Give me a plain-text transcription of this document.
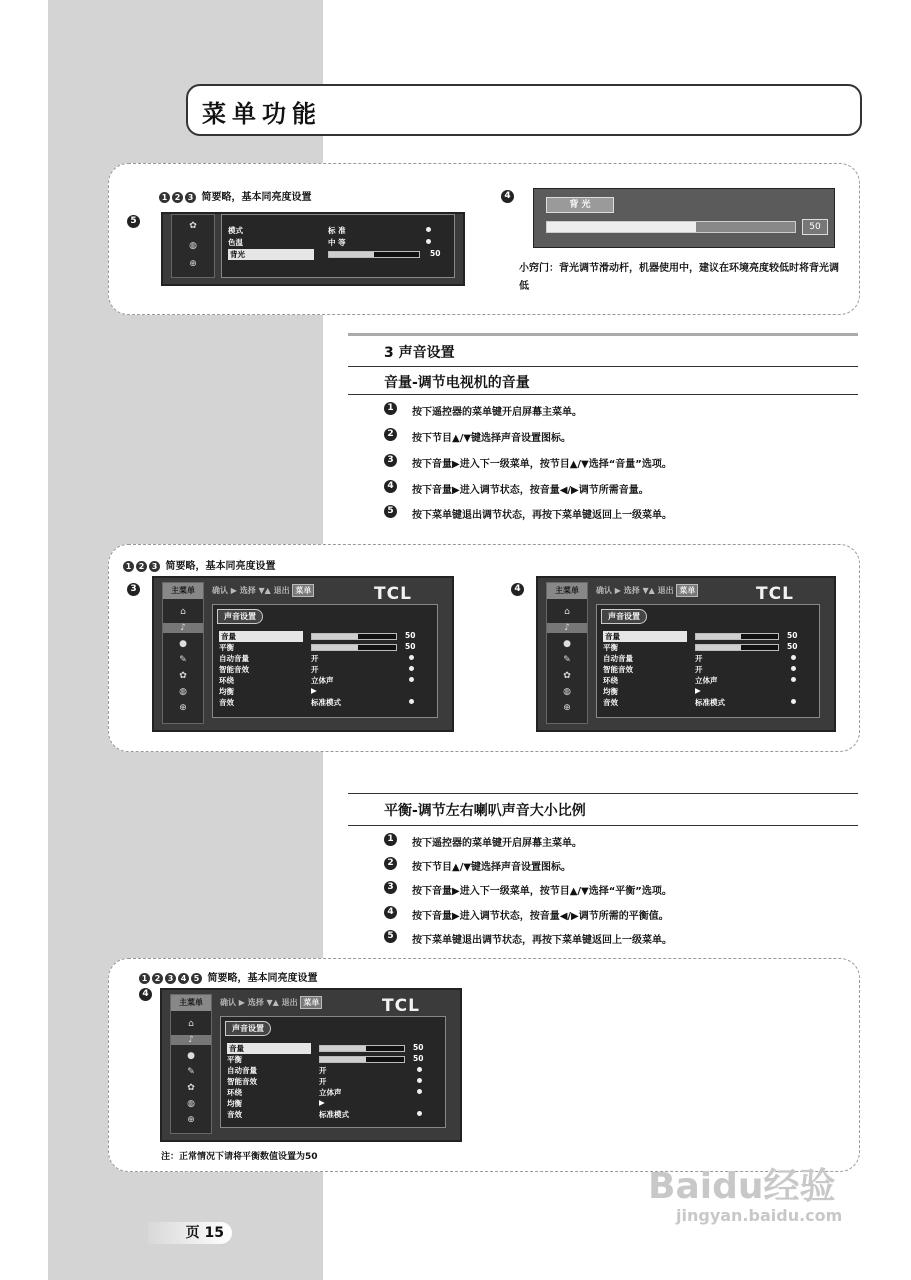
菜单功能
1 2 3 简要略，基本同亮度设置
5	✿
◍
⊕
模式	标 准
色温	中 等
背光	50
4
背 光
50
小窍门：背光调节滑动杆，机器使用中，建议在环境亮度较低时将背光调低
3 声音设置
音量-调节电视机的音量
1	按下遥控器的菜单键开启屏幕主菜单。
2	按下节目▲/▼键选择声音设置图标。
3	按下音量▶进入下一级菜单，按节目▲/▼选择“音量”选项。
4	按下音量▶进入调节状态，按音量◀/▶调节所需音量。
5	按下菜单键退出调节状态，再按下菜单键返回上一级菜单。
1 2 3 简要略，基本同亮度设置
3	4
平衡-调节左右喇叭声音大小比例
1	按下遥控器的菜单键开启屏幕主菜单。
2	按下节目▲/▼键选择声音设置图标。
3	按下音量▶进入下一级菜单，按节目▲/▼选择“平衡”选项。
4	按下音量▶进入调节状态，按音量◀/▶调节所需的平衡值。
5	按下菜单键退出调节状态，再按下菜单键返回上一级菜单。
1 2 3 4 5 简要略，基本同亮度设置
4
注：正常情况下请将平衡数值设置为50
主菜单
⌂
♪
●
✎
✿
◍
⊕
确认 ▶ 选择 ▼▲ 退出 菜单	TCL
声音设置
音量	50
平衡	50
自动音量	开
智能音效	开
环绕	立体声
均衡	▶
音效	标准模式
主菜单
⌂
♪
●
✎
✿
◍
⊕
确认 ▶ 选择 ▼▲ 退出 菜单	TCL
声音设置
音量	50
平衡	50
自动音量	开
智能音效	开
环绕	立体声
均衡	▶
音效	标准模式
主菜单
⌂
♪
●
✎
✿
◍
⊕
确认 ▶ 选择 ▼▲ 退出 菜单	TCL
声音设置
音量	50
平衡	50
自动音量	开
智能音效	开
环绕	立体声
均衡	▶
音效	标准模式
页 15
Baidu经验
jingyan.baidu.com
